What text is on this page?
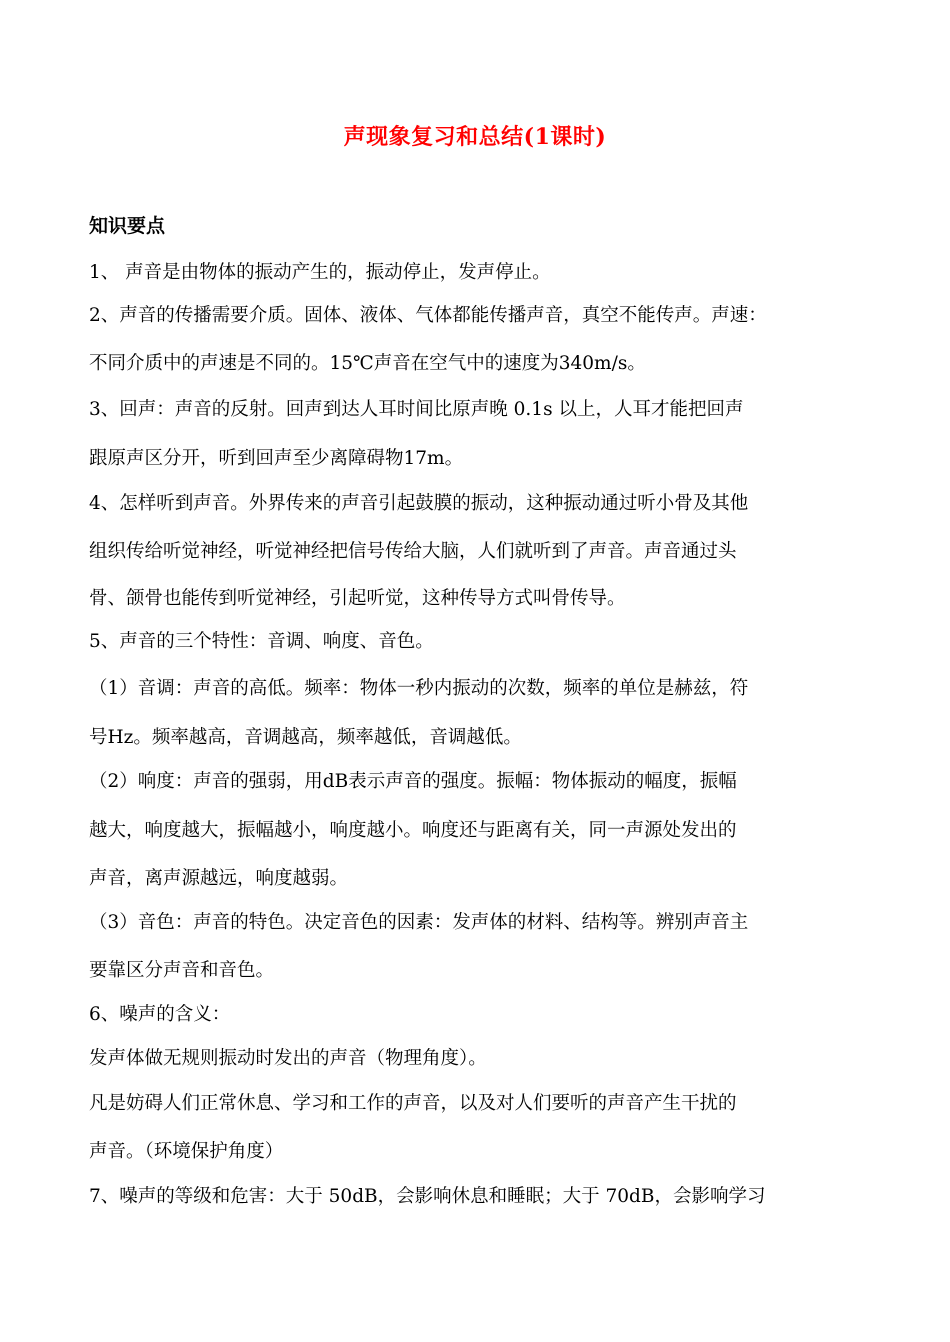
声现象复习和总结(1课时)
知识要点
1、 声音是由物体的振动产生的，振动停止，发声停止。
2、声音的传播需要介质。固体、液体、气体都能传播声音，真空不能传声。声速：
不同介质中的声速是不同的。15℃声音在空气中的速度为340m/s。
3、回声：声音的反射。回声到达人耳时间比原声晚 0.1s 以上，人耳才能把回声
跟原声区分开，听到回声至少离障碍物17m。
4、怎样听到声音。外界传来的声音引起鼓膜的振动，这种振动通过听小骨及其他
组织传给听觉神经，听觉神经把信号传给大脑，人们就听到了声音。声音通过头
骨、颌骨也能传到听觉神经，引起听觉，这种传导方式叫骨传导。
5、声音的三个特性：音调、响度、音色。
（1）音调：声音的高低。频率：物体一秒内振动的次数，频率的单位是赫兹，符
号Hz。频率越高，音调越高，频率越低，音调越低。
（2）响度：声音的强弱，用dB表示声音的强度。振幅：物体振动的幅度，振幅
越大，响度越大，振幅越小，响度越小。响度还与距离有关，同一声源处发出的
声音，离声源越远，响度越弱。
（3）音色：声音的特色。决定音色的因素：发声体的材料、结构等。辨别声音主
要靠区分声音和音色。
6、噪声的含义：
发声体做无规则振动时发出的声音（物理角度）。
凡是妨碍人们正常休息、学习和工作的声音，以及对人们要听的声音产生干扰的
声音。（环境保护角度）
7、噪声的等级和危害：大于 50dB，会影响休息和睡眠；大于 70dB，会影响学习
